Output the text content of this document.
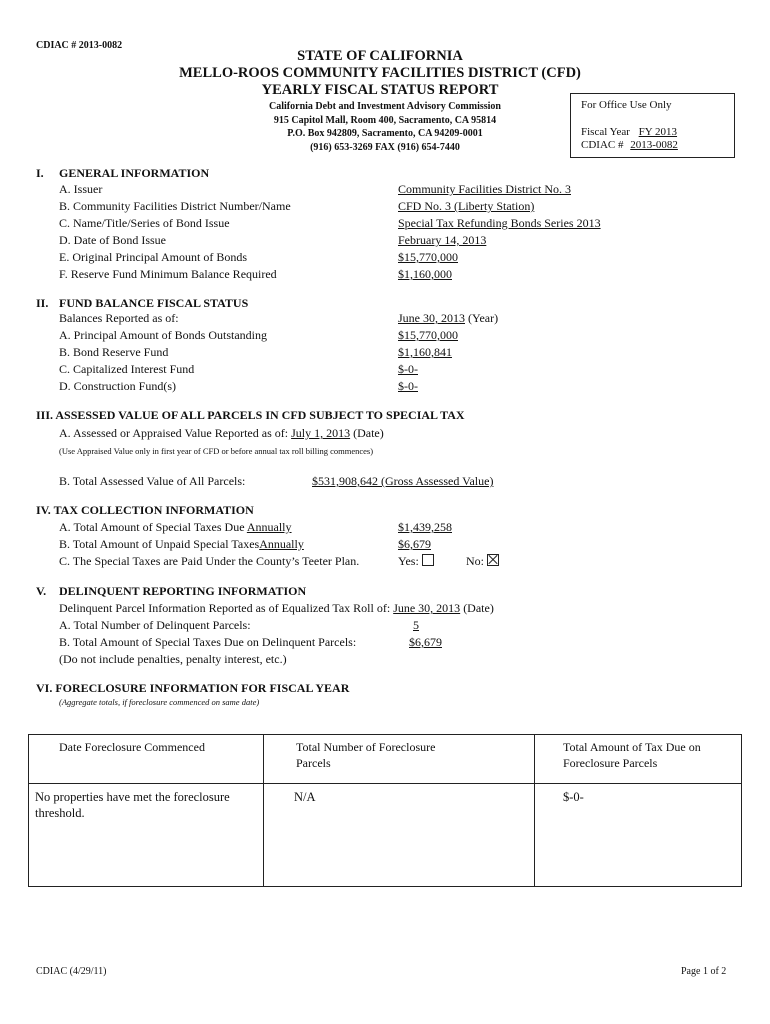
CDIAC # 2013-0082
STATE OF CALIFORNIA
MELLO-ROOS COMMUNITY FACILITIES DISTRICT (CFD)
YEARLY FISCAL STATUS REPORT
California Debt and Investment Advisory Commission
915 Capitol Mall, Room 400, Sacramento, CA 95814
P.O. Box 942809, Sacramento, CA 94209-0001
(916) 653-3269 FAX (916) 654-7440
For Office Use Only
Fiscal Year FY 2013
CDIAC # 2013-0082
I. GENERAL INFORMATION
A. Issuer	Community Facilities District No. 3
B. Community Facilities District Number/Name	CFD No. 3 (Liberty Station)
C. Name/Title/Series of Bond Issue	Special Tax Refunding Bonds Series 2013
D. Date of Bond Issue	February 14, 2013
E. Original Principal Amount of Bonds	$15,770,000
F. Reserve Fund Minimum Balance Required	$1,160,000
II. FUND BALANCE FISCAL STATUS
Balances Reported as of:	June 30, 2013 (Year)
A. Principal Amount of Bonds Outstanding	$15,770,000
B. Bond Reserve Fund	$1,160,841
C. Capitalized Interest Fund	$-0-
D. Construction Fund(s)	$-0-
III. ASSESSED VALUE OF ALL PARCELS IN CFD SUBJECT TO SPECIAL TAX
A. Assessed or Appraised Value Reported as of: July 1, 2013 (Date)
(Use Appraised Value only in first year of CFD or before annual tax roll billing commences)
B. Total Assessed Value of All Parcels:	$531,908,642 (Gross Assessed Value)
IV. TAX COLLECTION INFORMATION
A. Total Amount of Special Taxes Due Annually	$1,439,258
B. Total Amount of Unpaid Special TaxesAnnually	$6,679
C. The Special Taxes are Paid Under the County’s Teeter Plan.	Yes:	No:
V. DELINQUENT REPORTING INFORMATION
Delinquent Parcel Information Reported as of Equalized Tax Roll of: June 30, 2013 (Date)
A. Total Number of Delinquent Parcels:	5
B. Total Amount of Special Taxes Due on Delinquent Parcels:	$6,679
(Do not include penalties, penalty interest, etc.)
VI. FORECLOSURE INFORMATION FOR FISCAL YEAR
(Aggregate totals, if foreclosure commenced on same date)
Date Foreclosure Commenced	Total Number of Foreclosure Parcels	Total Amount of Tax Due on Foreclosure Parcels

No properties have met the foreclosure threshold.	N/A	$-0-
CDIAC (4/29/11)	Page 1 of 2
